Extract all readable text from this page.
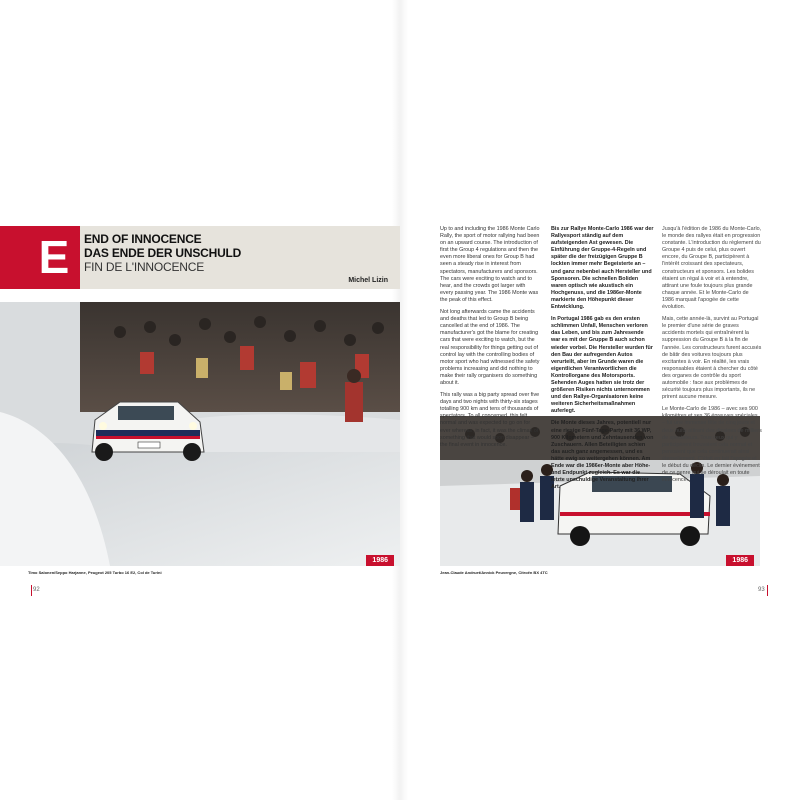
E	END OF INNOCENCE
DAS ENDE DER UNSCHULD
FIN DE L'INNOCENCE
Michel Lizin
1986	1986
Timo Salonen/Seppo Harjanne, Peugeot 205 Turbo 16 E2, Col de Turini	Jean-Claude Andruet/Annick Peuvergne, Citroën BX 4TC

Up to and including the 1986 Monte Carlo Rally, the sport of motor rallying had been on an upward course. The introduction of first the Group 4 regulations and then the even more liberal ones for Group B had seen a steady rise in interest from spectators, manufacturers and sponsors. The cars were exciting to watch and to hear, and the crowds got larger with every passing year. The 1986 Monte was the peak of this effect.

Not long afterwards came the accidents and deaths that led to Group B being cancelled at the end of 1986. The manufacturer's got the blame for creating cars that were exciting to watch, but the real responsibility for things getting out of control lay with the controlling bodies of motor sport who had witnessed the safety problems increasing and did nothing to make their rally organisers do something about it.

This rally was a big party spread over five days and two nights with thirty-six stages totalling 900 km and tens of thousands of spectators. To all concerned, this felt normal and was expected to go on for ever whereas, in fact, it was the climax of something that would soon disappear – the final event in innocence.

Bis zur Rallye Monte-Carlo 1986 war der Rallyesport ständig auf dem aufsteigenden Ast gewesen. Die Einführung der Gruppe-4-Regeln und später die der freizügigen Gruppe B lockten immer mehr Begeisterte an – und ganz nebenbei auch Hersteller und Sponsoren. Die schnellen Boliden waren optisch wie akustisch ein Hochgenuss, und die 1986er-Monte markierte den Höhepunkt dieser Entwicklung.

In Portugal 1986 gab es den ersten schlimmen Unfall, Menschen verloren das Leben, und bis zum Jahresende war es mit der Gruppe B auch schon wieder vorbei. Die Hersteller wurden für den Bau der aufregenden Autos verurteilt, aber im Grunde waren die eigentlichen Verantwortlichen die Kontrollorgane des Motorsports. Sehenden Auges hatten sie trotz der größeren Risiken nichts unternommen und den Rallye-Organisatoren keine weiteren Sicherheitsmaßnahmen auferlegt.

Die Monte dieses Jahres, potentiell nur eine riesige Fünf-Tage-Party mit 36 WP, 900 Kilometern und Zehntausenden von Zuschauern. Allen Beteiligten schien das auch ganz angemessen, und es hätte ewig so weitergehen können. Am Ende war die 1986er-Monte aber Höhe- und Endpunkt zugleich. Es war die letzte unschuldige Veranstaltung ihrer Art.

Jusqu'à l'édition de 1986 du Monte-Carlo, le monde des rallyes était en progression constante. L'introduction du règlement du Groupe 4 puis de celui, plus ouvert encore, du Groupe B, participèrent à l'intérêt croissant des spectateurs, constructeurs et sponsors. Les bolides étaient un régal à voir et à entendre, attirant une foule toujours plus grande chaque année. Et le Monte-Carlo de 1986 marquait l'apogée de cette évolution.

Mais, cette année-là, survint au Portugal le premier d'une série de graves accidents mortels qui entraînèrent la suppression du Groupe B à la fin de l'année. Les constructeurs furent accusés de bâtir des voitures toujours plus excitantes à voir. En réalité, les vrais responsables étaient à chercher du côté des organes de contrôle du sport automobile : face aux problèmes de sécurité toujours plus importants, ils ne prirent aucune mesure.

Le Monte-Carlo de 1986 – avec ses 900 kilomètres et ses 36 épreuves spéciales – fut une immense fête de cinq jours et deux nuits attirant des dizaines de milliers de spectateurs. Tous ceux qui y participèrent trouvaient cela normal et pensaient que cela continuerait ainsi éternellement. C'était en fait l'apogée et le début du déclin. Le dernier événement de ce genre qui se déroulait en toute innocence.

92	93
